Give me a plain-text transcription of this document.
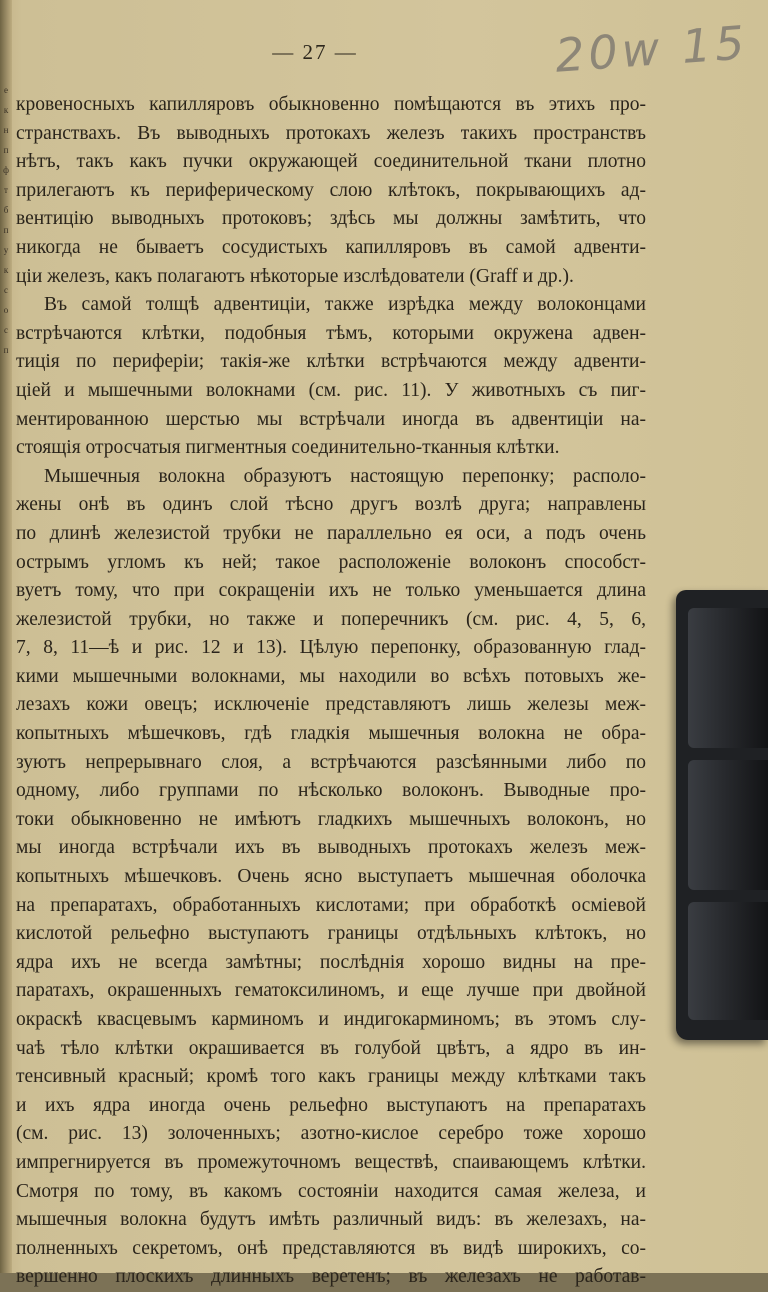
е
к
н
п
ф
т
б
п
у
к
с
о
с
п
— 27 —	20w 15
кровеносныхъ капилляровъ обыкновенно помѣщаются въ этихъ про-
странствахъ. Въ выводныхъ протокахъ железъ такихъ пространствъ
нѣтъ, такъ какъ пучки окружающей соединительной ткани плотно
прилегаютъ къ периферическому слою клѣтокъ, покрывающихъ ад-
вентицію выводныхъ протоковъ; здѣсь мы должны замѣтить, что
никогда не бываетъ сосудистыхъ капилляровъ въ самой адвенти-
ціи железъ, какъ полагаютъ нѣкоторые изслѣдователи (Graff и др.).
Въ самой толщѣ адвентиціи, также изрѣдка между волоконцами
встрѣчаются клѣтки, подобныя тѣмъ, которыми окружена адвен-
тиція по периферіи; такія-же клѣтки встрѣчаются между адвенти-
ціей и мышечными волокнами (см. рис. 11). У животныхъ съ пиг-
ментированною шерстью мы встрѣчали иногда въ адвентиціи на-
стоящія отросчатыя пигментныя соединительно-тканныя клѣтки.
Мышечныя волокна образуютъ настоящую перепонку; располо-
жены онѣ въ одинъ слой тѣсно другъ возлѣ друга; направлены
по длинѣ железистой трубки не параллельно ея оси, а подъ очень
острымъ угломъ къ ней; такое расположеніе волоконъ способст-
вуетъ тому, что при сокращеніи ихъ не только уменьшается длина
железистой трубки, но также и поперечникъ (см. рис. 4, 5, 6,
7, 8, 11—ѣ и рис. 12 и 13). Цѣлую перепонку, образованную глад-
кими мышечными волокнами, мы находили во всѣхъ потовыхъ же-
лезахъ кожи овецъ; исключеніе представляютъ лишь железы меж-
копытныхъ мѣшечковъ, гдѣ гладкія мышечныя волокна не обра-
зуютъ непрерывнаго слоя, а встрѣчаются разсѣянными либо по
одному, либо группами по нѣсколько волоконъ. Выводные про-
токи обыкновенно не имѣютъ гладкихъ мышечныхъ волоконъ, но
мы иногда встрѣчали ихъ въ выводныхъ протокахъ железъ меж-
копытныхъ мѣшечковъ. Очень ясно выступаетъ мышечная оболочка
на препаратахъ, обработанныхъ кислотами; при обработкѣ осміевой
кислотой рельефно выступаютъ границы отдѣльныхъ клѣтокъ, но
ядра ихъ не всегда замѣтны; послѣднія хорошо видны на пре-
паратахъ, окрашенныхъ гематоксилиномъ, и еще лучше при двойной
окраскѣ квасцевымъ карминомъ и индигокарминомъ; въ этомъ слу-
чаѣ тѣло клѣтки окрашивается въ голубой цвѣтъ, а ядро въ ин-
тенсивный красный; кромѣ того какъ границы между клѣтками такъ
и ихъ ядра иногда очень рельефно выступаютъ на препаратахъ
(см. рис. 13) золоченныхъ; азотно-кислое серебро тоже хорошо
импрегнируется въ промежуточномъ веществѣ, спаивающемъ клѣтки.
Смотря по тому, въ какомъ состояніи находится самая железа, и
мышечныя волокна будутъ имѣть различный видъ: въ железахъ, на-
полненныхъ секретомъ, онѣ представляются въ видѣ широкихъ, со-
вершенно плоскихъ длинныхъ веретенъ; въ железахъ не работав-
